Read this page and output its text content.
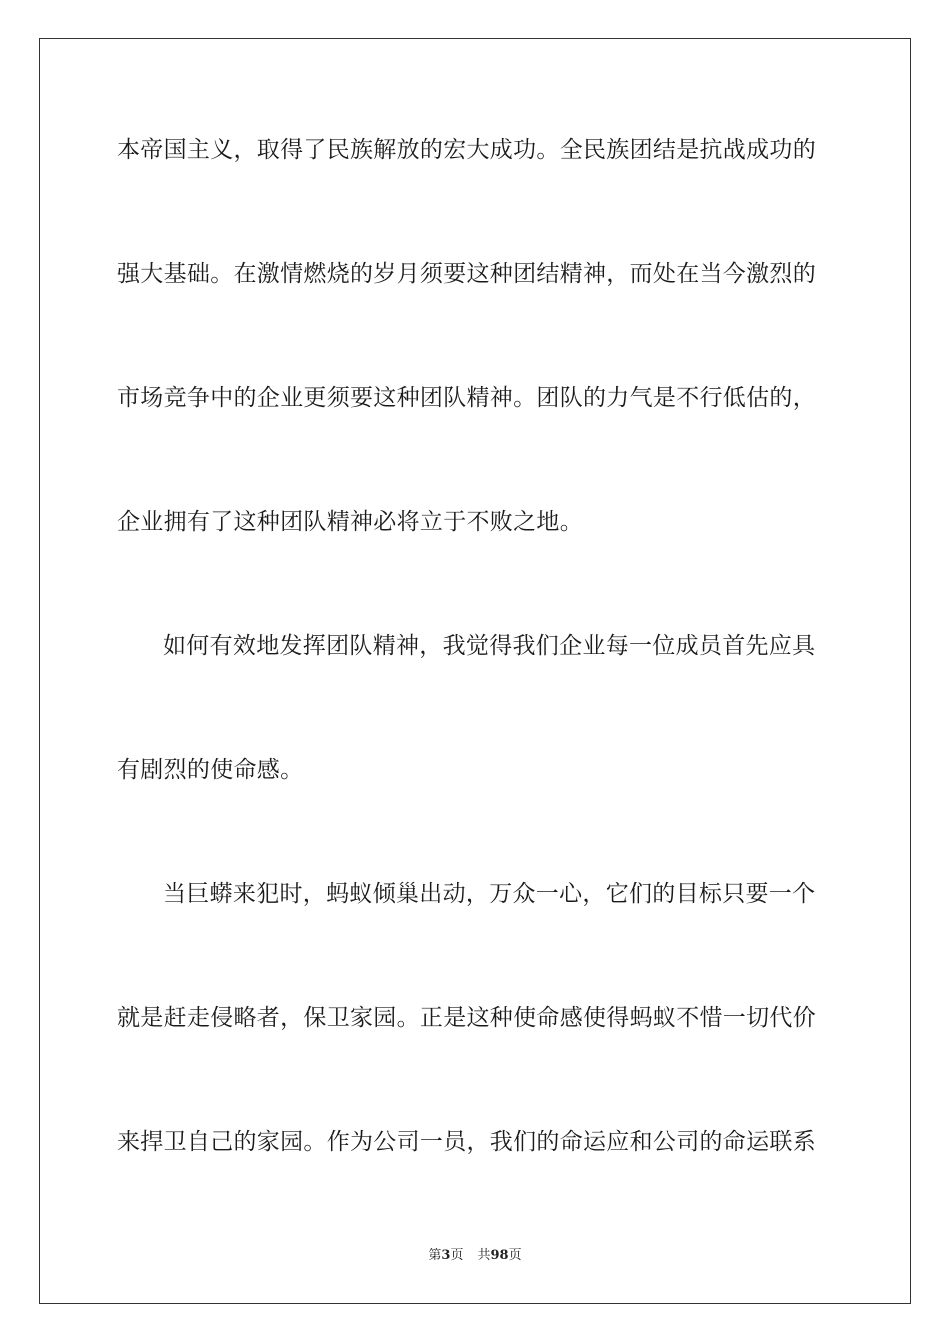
本帝国主义，取得了民族解放的宏大成功。全民族团结是抗战成功的
强大基础。在激情燃烧的岁月须要这种团结精神，而处在当今激烈的
市场竞争中的企业更须要这种团队精神。团队的力气是不行低估的，
企业拥有了这种团队精神必将立于不败之地。
如何有效地发挥团队精神，我觉得我们企业每一位成员首先应具
有剧烈的使命感。
当巨蟒来犯时，蚂蚁倾巢出动，万众一心，它们的目标只要一个
就是赶走侵略者，保卫家园。正是这种使命感使得蚂蚁不惜一切代价
来捍卫自己的家园。作为公司一员，我们的命运应和公司的命运联系
第3页 共98页
